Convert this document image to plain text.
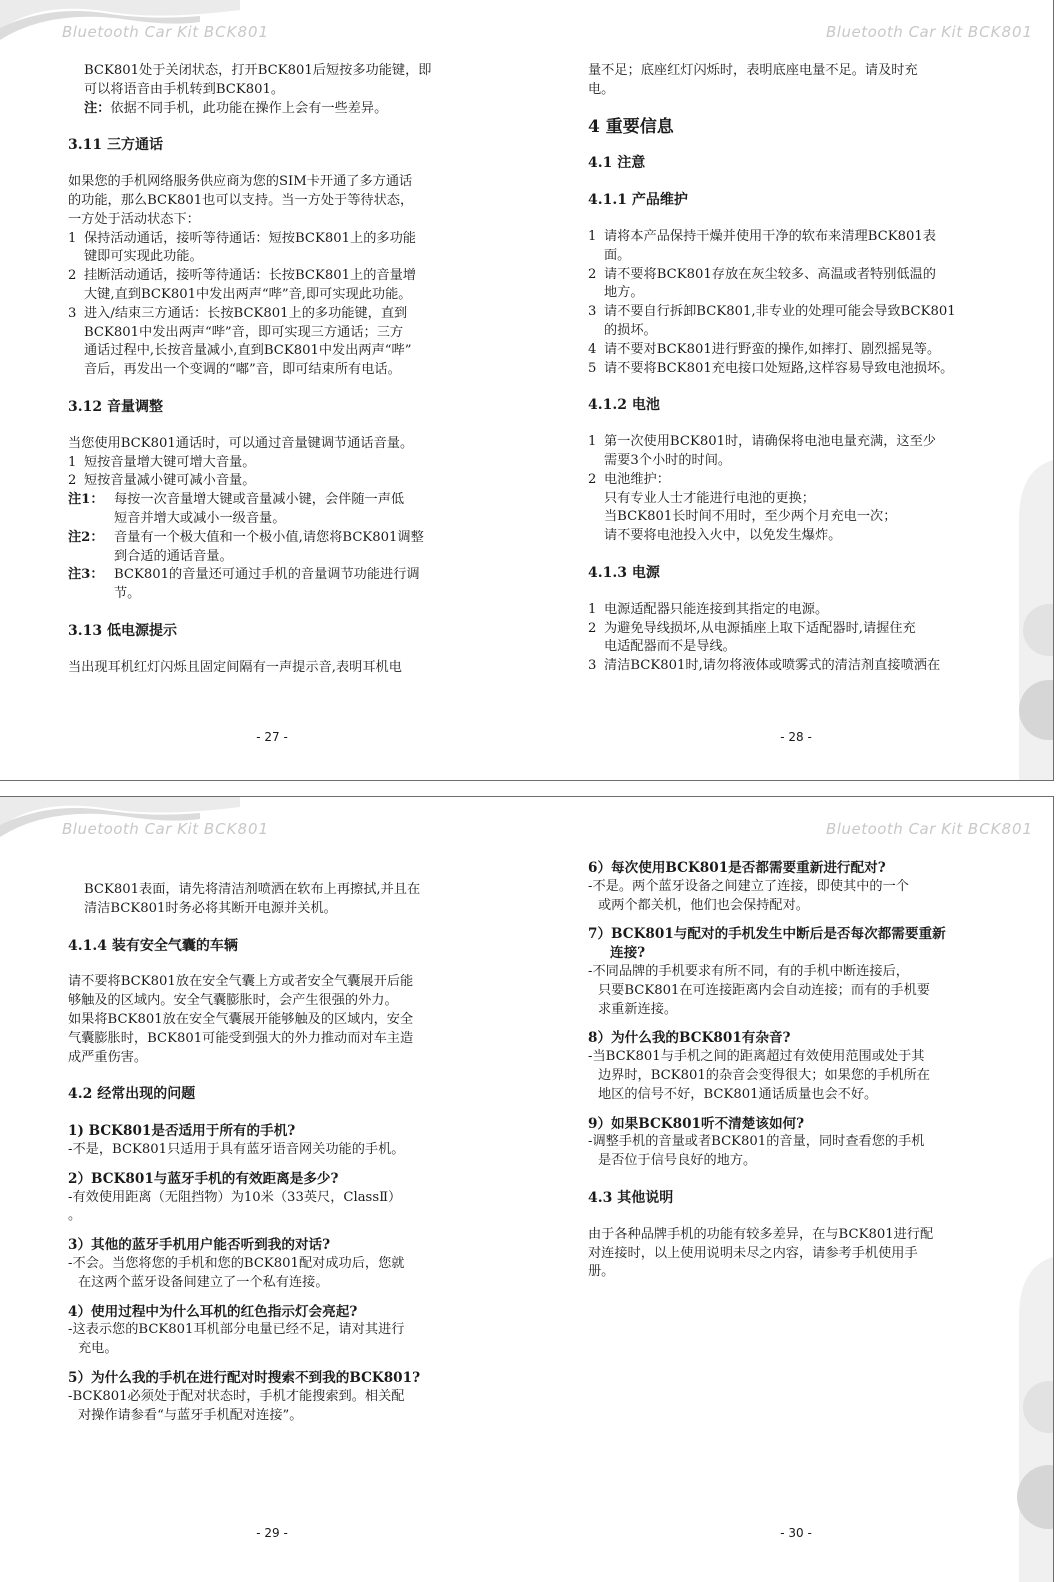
Bluetooth Car Kit BCK801	Bluetooth Car Kit BCK801

BCK801处于关闭状态，打开BCK801后短按多功能键，即

可以将语音由手机转到BCK801。

注：依据不同手机，此功能在操作上会有一些差异。

3.11 三方通话

如果您的手机网络服务供应商为您的SIM卡开通了多方通话

的功能，那么BCK801也可以支持。当一方处于等待状态，

一方处于活动状态下：

1 保持活动通话，接听等待通话：短按BCK801上的多功能
键即可实现此功能。
2 挂断活动通话，接听等待通话：长按BCK801上的音量增
大键,直到BCK801中发出两声“哔”音,即可实现此功能。
3 进入/结束三方通话：长按BCK801上的多功能键，直到
BCK801中发出两声“哔”音，即可实现三方通话；三方
通话过程中,长按音量减小,直到BCK801中发出两声“哔”
音后，再发出一个变调的“嘟”音，即可结束所有电话。

3.12 音量调整

当您使用BCK801通话时，可以通过音量键调节通话音量。

1 短按音量增大键可增大音量。
2 短按音量减小键可减小音量。
注1： 每按一次音量增大键或音量减小键，会伴随一声低
短音并增大或减小一级音量。
注2： 音量有一个极大值和一个极小值,请您将BCK801调整
到合适的通话音量。
注3： BCK801的音量还可通过手机的音量调节功能进行调
节。

3.13 低电源提示

当出现耳机红灯闪烁且固定间隔有一声提示音,表明耳机电

- 27 -

量不足；底座红灯闪烁时，表明底座电量不足。请及时充

电。

4 重要信息

4.1 注意

4.1.1 产品维护

1 请将本产品保持干燥并使用干净的软布来清理BCK801表
面。
2 请不要将BCK801存放在灰尘较多、高温或者特别低温的
地方。
3 请不要自行拆卸BCK801,非专业的处理可能会导致BCK801
的损坏。
4 请不要对BCK801进行野蛮的操作,如摔打、剧烈摇晃等。
5 请不要将BCK801充电接口处短路,这样容易导致电池损坏。

4.1.2 电池

1 第一次使用BCK801时，请确保将电池电量充满，这至少
需要3个小时的时间。
2 电池维护：
只有专业人士才能进行电池的更换；
当BCK801长时间不用时，至少两个月充电一次；
请不要将电池投入火中，以免发生爆炸。

4.1.3 电源

1 电源适配器只能连接到其指定的电源。
2 为避免导线损坏,从电源插座上取下适配器时,请握住充
电适配器而不是导线。
3 清洁BCK801时,请勿将液体或喷雾式的清洁剂直接喷洒在
- 28 -
Bluetooth Car Kit BCK801	Bluetooth Car Kit BCK801

BCK801表面，请先将清洁剂喷洒在软布上再擦拭,并且在

清洁BCK801时务必将其断开电源并关机。

4.1.4 装有安全气囊的车辆

请不要将BCK801放在安全气囊上方或者安全气囊展开后能

够触及的区域内。安全气囊膨胀时，会产生很强的外力。

如果将BCK801放在安全气囊展开能够触及的区域内，安全

气囊膨胀时，BCK801可能受到强大的外力推动而对车主造

成严重伤害。

4.2 经常出现的问题

1) BCK801是否适用于所有的手机?

-不是，BCK801只适用于具有蓝牙语音网关功能的手机。

2）BCK801与蓝牙手机的有效距离是多少?

-有效使用距离（无阻挡物）为10米（33英尺，ClassⅡ）

。

3）其他的蓝牙手机用户能否听到我的对话?

-不会。当您将您的手机和您的BCK801配对成功后，您就

在这两个蓝牙设备间建立了一个私有连接。

4）使用过程中为什么耳机的红色指示灯会亮起?

-这表示您的BCK801耳机部分电量已经不足，请对其进行

充电。

5）为什么我的手机在进行配对时搜索不到我的BCK801?

-BCK801必须处于配对状态时，手机才能搜索到。相关配

对操作请参看“与蓝牙手机配对连接”。

- 29 -

6）每次使用BCK801是否都需要重新进行配对?

-不是。两个蓝牙设备之间建立了连接，即使其中的一个

或两个都关机，他们也会保持配对。

7）BCK801与配对的手机发生中断后是否每次都需要重新

连接?

-不同品牌的手机要求有所不同，有的手机中断连接后，

只要BCK801在可连接距离内会自动连接；而有的手机要

求重新连接。

8）为什么我的BCK801有杂音?

-当BCK801与手机之间的距离超过有效使用范围或处于其

边界时，BCK801的杂音会变得很大；如果您的手机所在

地区的信号不好，BCK801通话质量也会不好。

9）如果BCK801听不清楚该如何?

-调整手机的音量或者BCK801的音量，同时查看您的手机

是否位于信号良好的地方。

4.3 其他说明

由于各种品牌手机的功能有较多差异，在与BCK801进行配

对连接时，以上使用说明未尽之内容，请参考手机使用手

册。

- 30 -
